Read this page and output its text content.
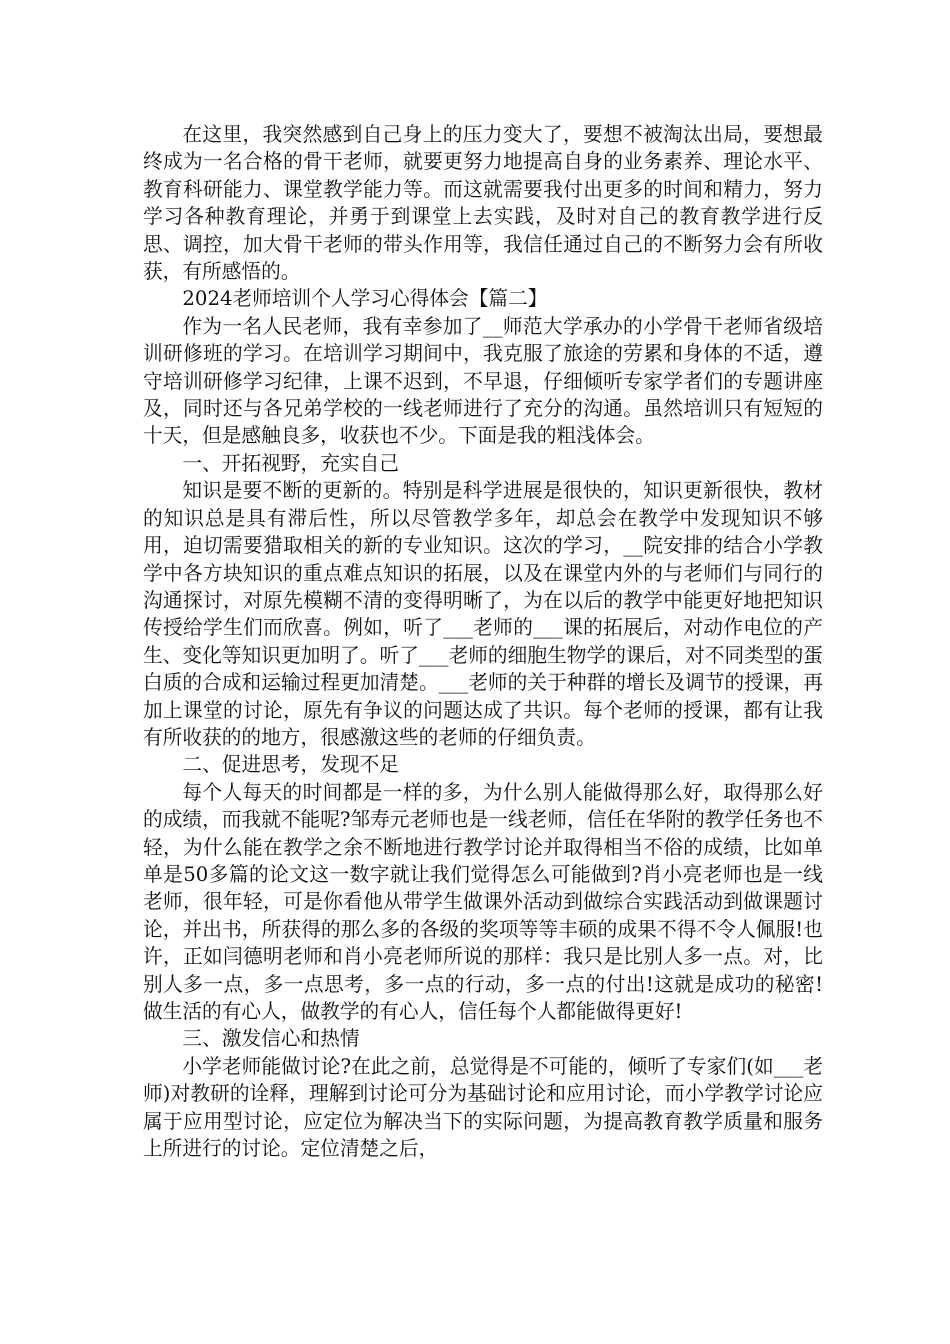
在这里，我突然感到自己身上的压力变大了，要想不被淘汰出局，要想最终成为一名合格的骨干老师，就要更努力地提高自身的业务素养、理论水平、教育科研能力、课堂教学能力等。而这就需要我付出更多的时间和精力，努力学习各种教育理论，并勇于到课堂上去实践，及时对自己的教育教学进行反思、调控，加大骨干老师的带头作用等，我信任通过自己的不断努力会有所收获，有所感悟的。

2024老师培训个人学习心得体会【篇二】

作为一名人民老师，我有幸参加了__师范大学承办的小学骨干老师省级培训研修班的学习。在培训学习期间中，我克服了旅途的劳累和身体的不适，遵守培训研修学习纪律，上课不迟到，不早退，仔细倾听专家学者们的专题讲座及，同时还与各兄弟学校的一线老师进行了充分的沟通。虽然培训只有短短的十天，但是感触良多，收获也不少。下面是我的粗浅体会。

一、开拓视野，充实自己

知识是要不断的更新的。特别是科学进展是很快的，知识更新很快，教材的知识总是具有滞后性，所以尽管教学多年，却总会在教学中发现知识不够用，迫切需要猎取相关的新的专业知识。这次的学习，__院安排的结合小学教学中各方块知识的重点难点知识的拓展，以及在课堂内外的与老师们与同行的沟通探讨，对原先模糊不清的变得明晰了，为在以后的教学中能更好地把知识传授给学生们而欣喜。例如，听了___老师的___课的拓展后，对动作电位的产生、变化等知识更加明了。听了___老师的细胞生物学的课后，对不同类型的蛋白质的合成和运输过程更加清楚。___老师的关于种群的增长及调节的授课，再加上课堂的讨论，原先有争议的问题达成了共识。每个老师的授课，都有让我有所收获的的地方，很感激这些的老师的仔细负责。

二、促进思考，发现不足

每个人每天的时间都是一样的多，为什么别人能做得那么好，取得那么好的成绩，而我就不能呢?邹寿元老师也是一线老师，信任在华附的教学任务也不轻，为什么能在教学之余不断地进行教学讨论并取得相当不俗的成绩，比如单单是50多篇的论文这一数字就让我们觉得怎么可能做到?肖小亮老师也是一线老师，很年轻，可是你看他从带学生做课外活动到做综合实践活动到做课题讨论，并出书，所获得的那么多的各级的奖项等等丰硕的成果不得不令人佩服!也许，正如闫德明老师和肖小亮老师所说的那样：我只是比别人多一点。对，比别人多一点，多一点思考，多一点的行动，多一点的付出!这就是成功的秘密!做生活的有心人，做教学的有心人，信任每个人都能做得更好!

三、激发信心和热情

小学老师能做讨论?在此之前，总觉得是不可能的，倾听了专家们(如___老师)对教研的诠释，理解到讨论可分为基础讨论和应用讨论，而小学教学讨论应属于应用型讨论，应定位为解决当下的实际问题，为提高教育教学质量和服务上所进行的讨论。定位清楚之后，
